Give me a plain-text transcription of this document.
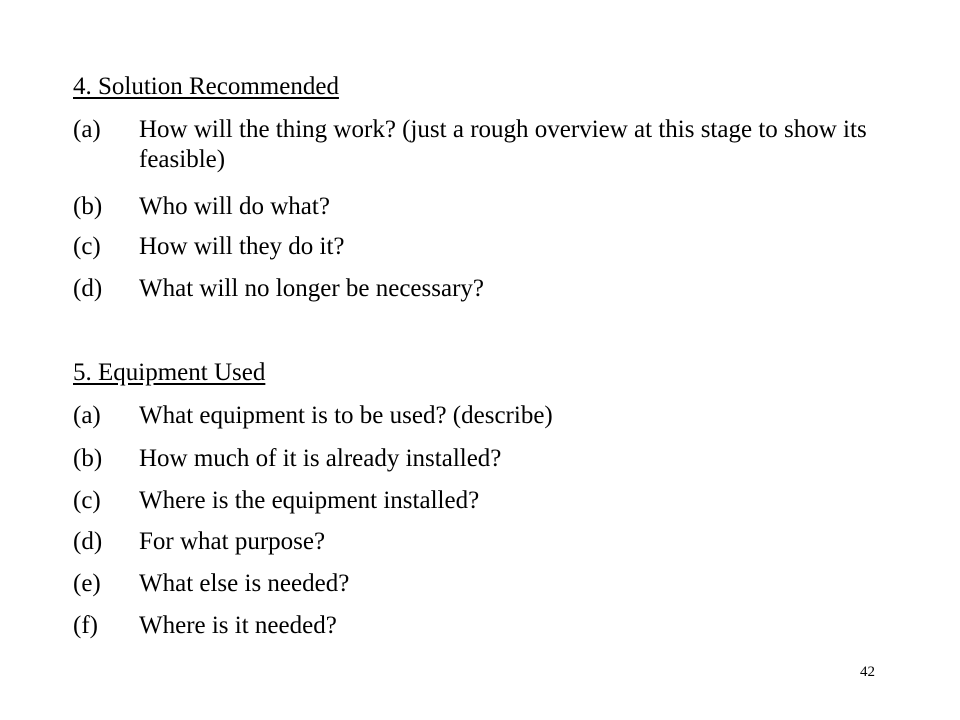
4. Solution Recommended
(a)	How will the thing work? (just a rough overview at this stage to show its feasible)
(b)	Who will do what?
(c)	How will they do it?
(d)	What will no longer be necessary?
5. Equipment Used
(a)	What equipment is to be used? (describe)
(b)	How much of it is already installed?
(c)	Where is the equipment installed?
(d)	For what purpose?
(e)	What else is needed?
(f)	Where is it needed?
42
